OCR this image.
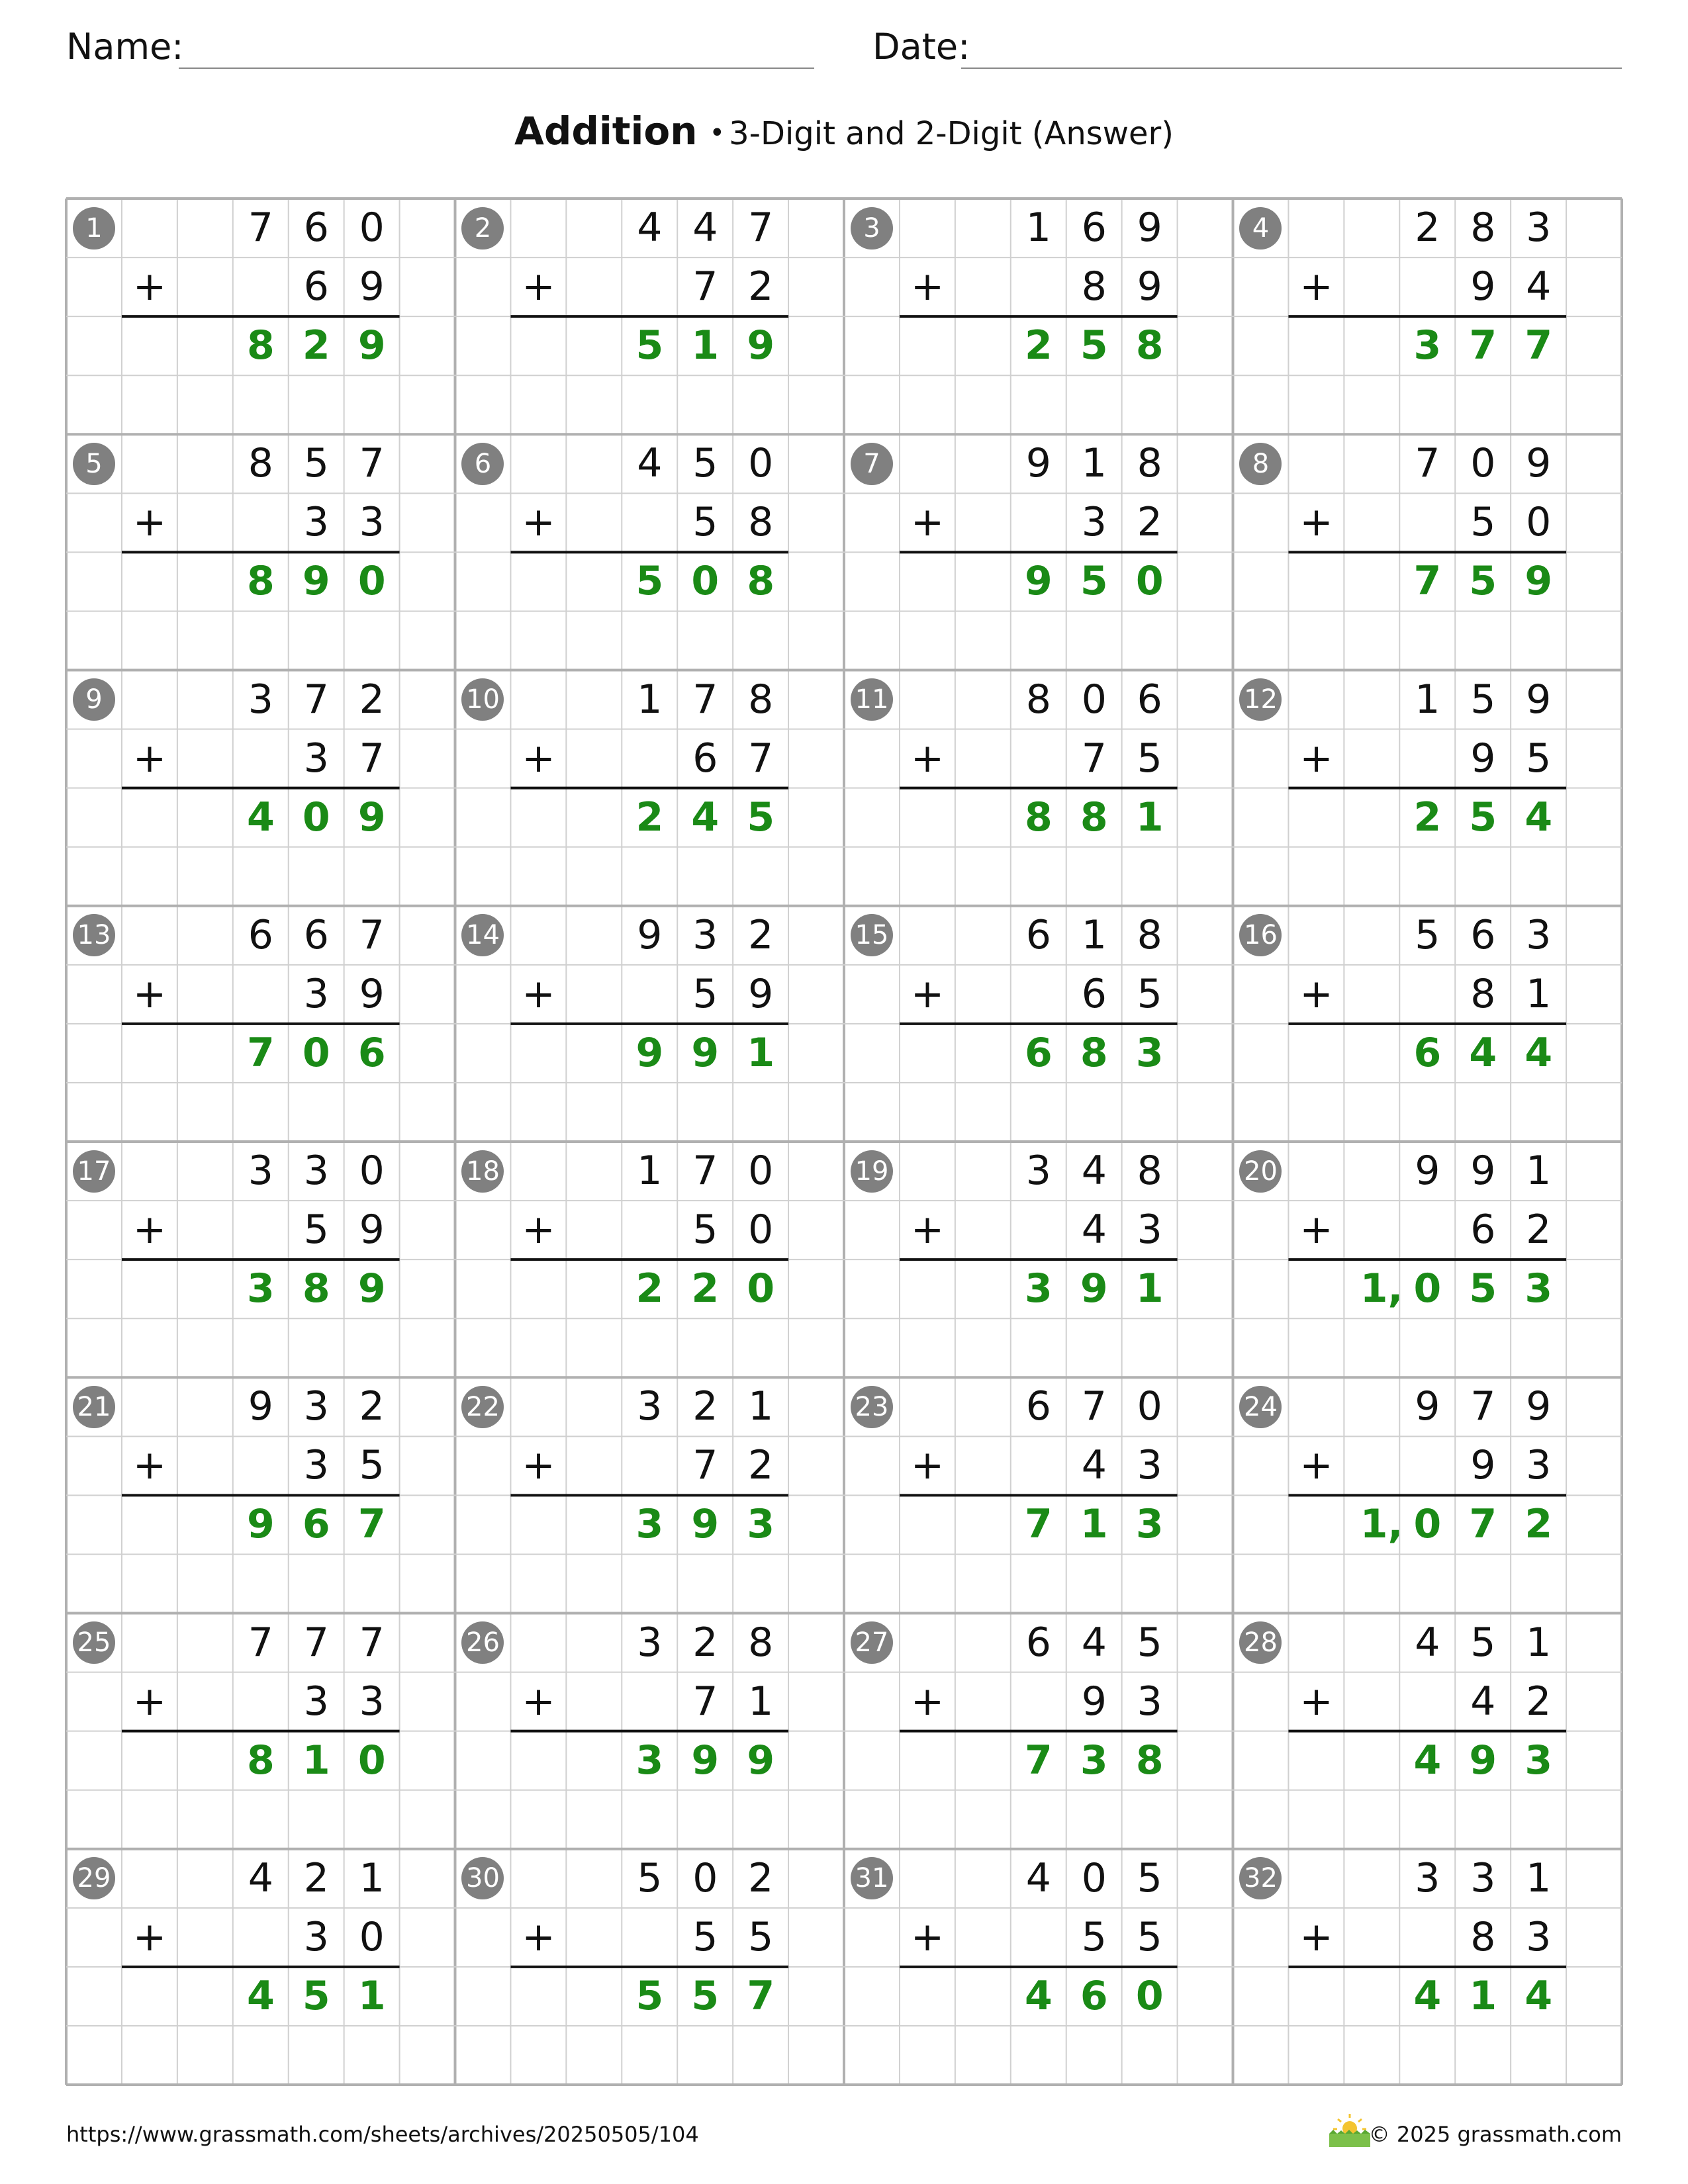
Name:	Date:
Addition • 3-Digit and 2-Digit (Answer)
1	7 6 0
+	6 9
8 2 9
2	4 4 7
+	7 2
5 1 9
3	1 6 9
+	8 9
2 5 8
4	2 8 3
+	9 4
3 7 7
5	8 5 7
+	3 3
8 9 0
6	4 5 0
+	5 8
5 0 8
7	9 1 8
+	3 2
9 5 0
8	7 0 9
+	5 0
7 5 9
9	3 7 2
+	3 7
4 0 9
10	1 7 8
+	6 7
2 4 5
11	8 0 6
+	7 5
8 8 1
12	1 5 9
+	9 5
2 5 4
13	6 6 7
+	3 9
7 0 6
14	9 3 2
+	5 9
9 9 1
15	6 1 8
+	6 5
6 8 3
16	5 6 3
+	8 1
6 4 4
17	3 3 0
+	5 9
3 8 9
18	1 7 0
+	5 0
2 2 0
19	3 4 8
+	4 3
3 9 1
20	9 9 1
+	6 2
1, 0 5 3
21	9 3 2
+	3 5
9 6 7
22	3 2 1
+	7 2
3 9 3
23	6 7 0
+	4 3
7 1 3
24	9 7 9
+	9 3
1, 0 7 2
25	7 7 7
+	3 3
8 1 0
26	3 2 8
+	7 1
3 9 9
27	6 4 5
+	9 3
7 3 8
28	4 5 1
+	4 2
4 9 3
29	4 2 1
+	3 0
4 5 1
30	5 0 2
+	5 5
5 5 7
31	4 0 5
+	5 5
4 6 0
32	3 3 1
+	8 3
4 1 4
https://www.grassmath.com/sheets/archives/20250505/104	© 2025 grassmath.com
